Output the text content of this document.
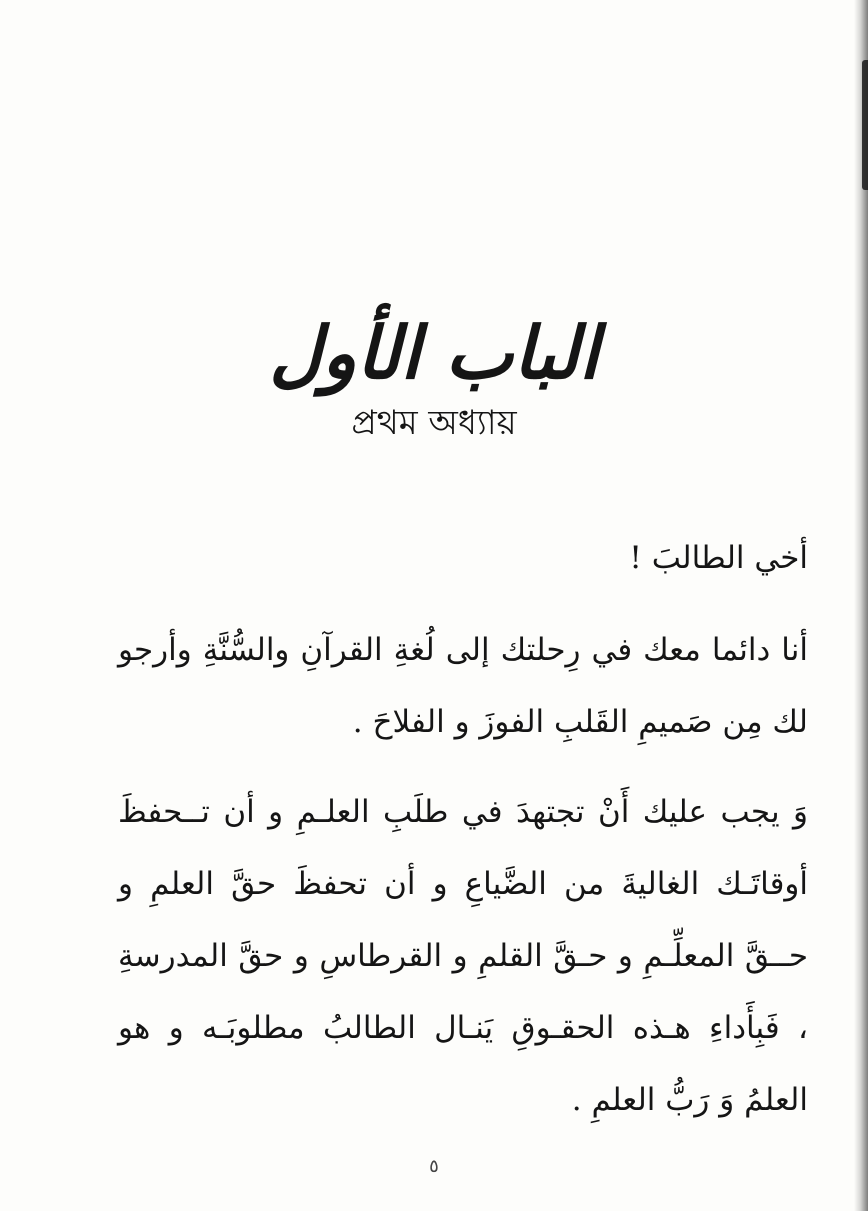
الباب الأول
প্রথম অধ্যায়

أخي الطالبَ !

أنا دائما معك في رِحلتك إلى لُغةِ القرآنِ والسُّنَّةِ وأرجو لك مِن صَميمِ القَلبِ الفوزَ و الفلاحَ .

وَ يجب عليك أَنْ تجتهدَ في طلَبِ العلـمِ و أن تــحفظَ أوقاتَـك الغاليةَ من الضَّياعِ و أن تحفظَ حقَّ العلمِ و حــقَّ المعلِّـمِ و حـقَّ القلمِ و القرطاسِ و حقَّ المدرسةِ ، فَبِأَداءِ هـذه الحقـوقِ يَنـال الطالبُ مطلوبَـه و هو العلمُ وَ رَبُّ العلمِ .

٥
